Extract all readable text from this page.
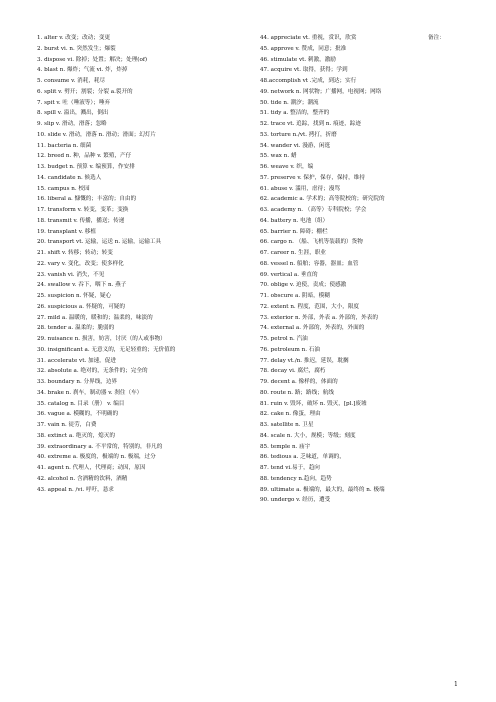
1. alter v. 改变；改动；变更
2. burst vi. n. 突然发生；爆裂
3. dispose vi. 除掉；处置；解决；处理(of)
4. blast n. 爆炸；气流 vi. 炸，炸掉
5. consume v. 消耗，耗尽
6. split v. 劈开；割裂；分裂 a.裂开的
7. spit v. 吐（唾液等）；唾弃
8. spill v. 溢出，溅出，倒出
9. slip v. 滑动，滑落；忽略
10. slide v. 滑动，滑落 n. 滑动；滑面；幻灯片
11. bacteria n. 细菌
12. breed n. 种，品种 v. 繁殖，产仔
13. budget n. 预算 v. 编预算，作安排
14. candidate n. 候选人
15. campus n. 校园
16. liberal a. 慷慨的；丰富的；自由的
17. transform v. 转变，变革；变换
18. transmit v. 传播，播送；传递
19. transplant v. 移植
20. transport vt. 运输，运送 n. 运输，运输工具
21. shift v. 转移；转动；转变
22. vary v. 变化，改变；使多样化
23. vanish vi. 消失，不见
24. swallow v. 吞下，咽下 n. 燕子
25. suspicion n. 怀疑，疑心
26. suspicious a. 怀疑的，可疑的
27. mild a. 温暖的，暖和的；温柔的，味淡的
28. tender a. 温柔的；脆弱的
29. nuisance n. 损害，妨害，讨厌（的人或事物）
30. insignificant a. 无意义的，无足轻重的；无价值的
31. accelerate vt. 加速，促进
32. absolute a. 绝对的，无条件的；完全的
33. boundary n. 分界线，边界
34. brake n. 刹车，制动器 v. 刹住（车）
35. catalog n. 目录（册） v. 编目
36. vague a. 模糊的，不明确的
37. vain n. 徒劳，白费
38. extinct a. 绝灭的，熄灭的
39. extraordinary a. 不平常的，特别的，非凡的
40. extreme a. 极度的，极端的 n. 极端，过分
41. agent n. 代理人，代理商；动因，原因
42. alcohol n. 含酒精的饮料，酒精
43. appeal n. /vi. 呼吁，恳求
44. appreciate vt. 重视，赏识，欣赏
45. approve v. 赞成，同意；批准
46. stimulate vt. 刺激，激励
47. acquire vt. 取得，获得；学到
48.accomplish vt .完成，到达；实行
49. network n. 网状物；广播网，电视网；网络
50. tide n. 潮汐；潮流
51. tidy a. 整洁的，整齐的
52. trace vt. 追踪，找到 n. 痕迹，踪迹
53. torture n./vt. 拷打，折磨
54. wander vi. 漫游，闲逛
55. wax n. 蜡
56. weave v. 织，编
57. preserve v. 保护，保存，保持，维持
61. abuse v. 滥用，虐待；漫骂
62. academic a. 学术的；高等院校的；研究院的
63. academy n. （高等）专科院校；学会
64. battery n. 电池（组）
65. barrier n. 障碍；棚栏
66. cargo n. （船、飞机等装载的）货物
67. career n. 生涯，职业
68. vessel n. 船舶；容器，器皿；血管
69. vertical a. 垂直的
70. oblige v. 迫使，责成；使感激
71. obscure a. 阴暗，模糊
72. extent n. 程度，范围，大小，限度
73. exterior n. 外部，外表 a. 外部的，外表的
74. external a. 外部的，外表的，外面的
75. petrol n. 汽油
76. petroleum n. 石油
77. delay vt./n. 推迟，延误，耽搁
78. decay vi. 腐烂，腐朽
79. decent a. 像样的，体面的
80. route n. 路；路线；航线
81. ruin v. 毁坏，破坏 n. 毁灭，[pl.]废墟
82. cake n. 像蛋，理由
83. satellite n. 卫星
84. scale n. 大小，规模；等级；刻度
85. temple n. 庙宇
86. tedious a. 乏味道，单调的，
87. tend vi.易于，趋向
88. tendency n.趋向，趋势
89. ultimate a. 极端的，最大的，最终的 n. 极端
90. undergo v. 经历，遭受
备注：
1
